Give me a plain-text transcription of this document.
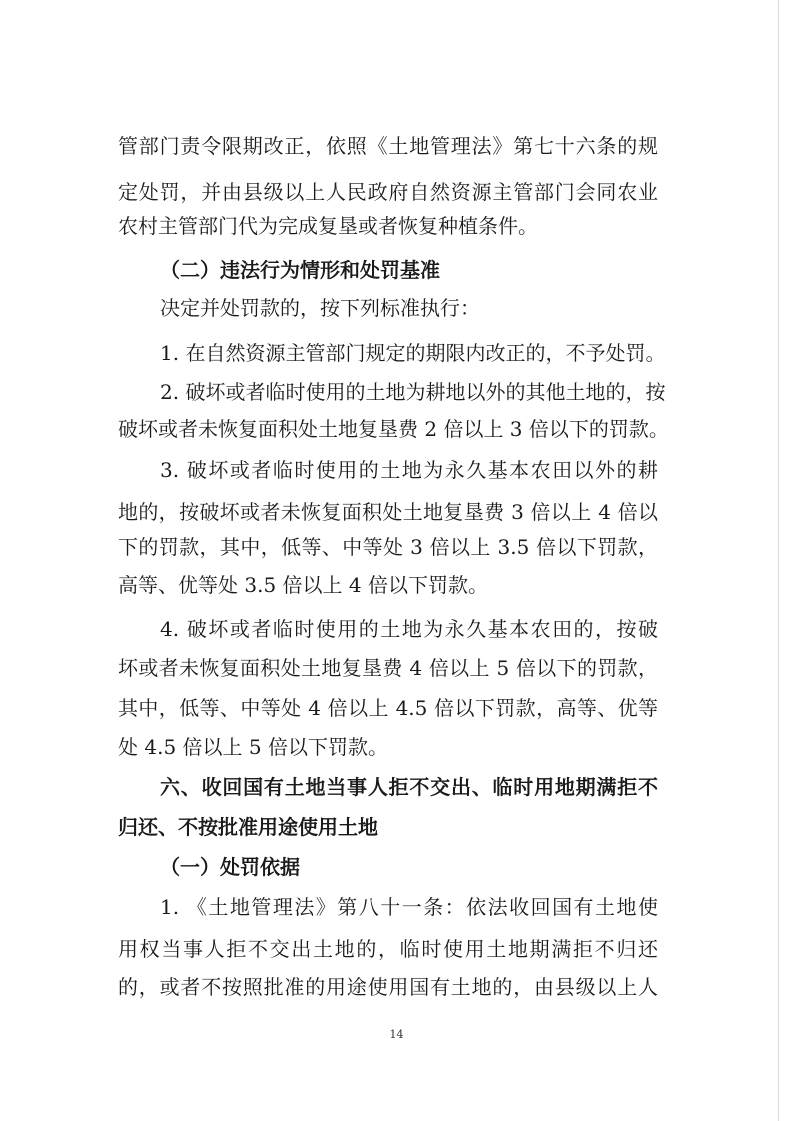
管部门责令限期改正，依照《土地管理法》第七十六条的规
定处罚，并由县级以上人民政府自然资源主管部门会同农业
农村主管部门代为完成复垦或者恢复种植条件。
（二）违法行为情形和处罚基准
决定并处罚款的，按下列标准执行：
1. 在自然资源主管部门规定的期限内改正的，不予处罚。
2. 破坏或者临时使用的土地为耕地以外的其他土地的，按
破坏或者未恢复面积处土地复垦费 2 倍以上 3 倍以下的罚款。
3. 破坏或者临时使用的土地为永久基本农田以外的耕
地的，按破坏或者未恢复面积处土地复垦费 3 倍以上 4 倍以
下的罚款，其中，低等、中等处 3 倍以上 3.5 倍以下罚款，
高等、优等处 3.5 倍以上 4 倍以下罚款。
4. 破坏或者临时使用的土地为永久基本农田的，按破
坏或者未恢复面积处土地复垦费 4 倍以上 5 倍以下的罚款，
其中，低等、中等处 4 倍以上 4.5 倍以下罚款，高等、优等
处 4.5 倍以上 5 倍以下罚款。
六、收回国有土地当事人拒不交出、临时用地期满拒不
归还、不按批准用途使用土地
（一）处罚依据
1. 《土地管理法》第八十一条：依法收回国有土地使
用权当事人拒不交出土地的，临时使用土地期满拒不归还
的，或者不按照批准的用途使用国有土地的，由县级以上人
14
